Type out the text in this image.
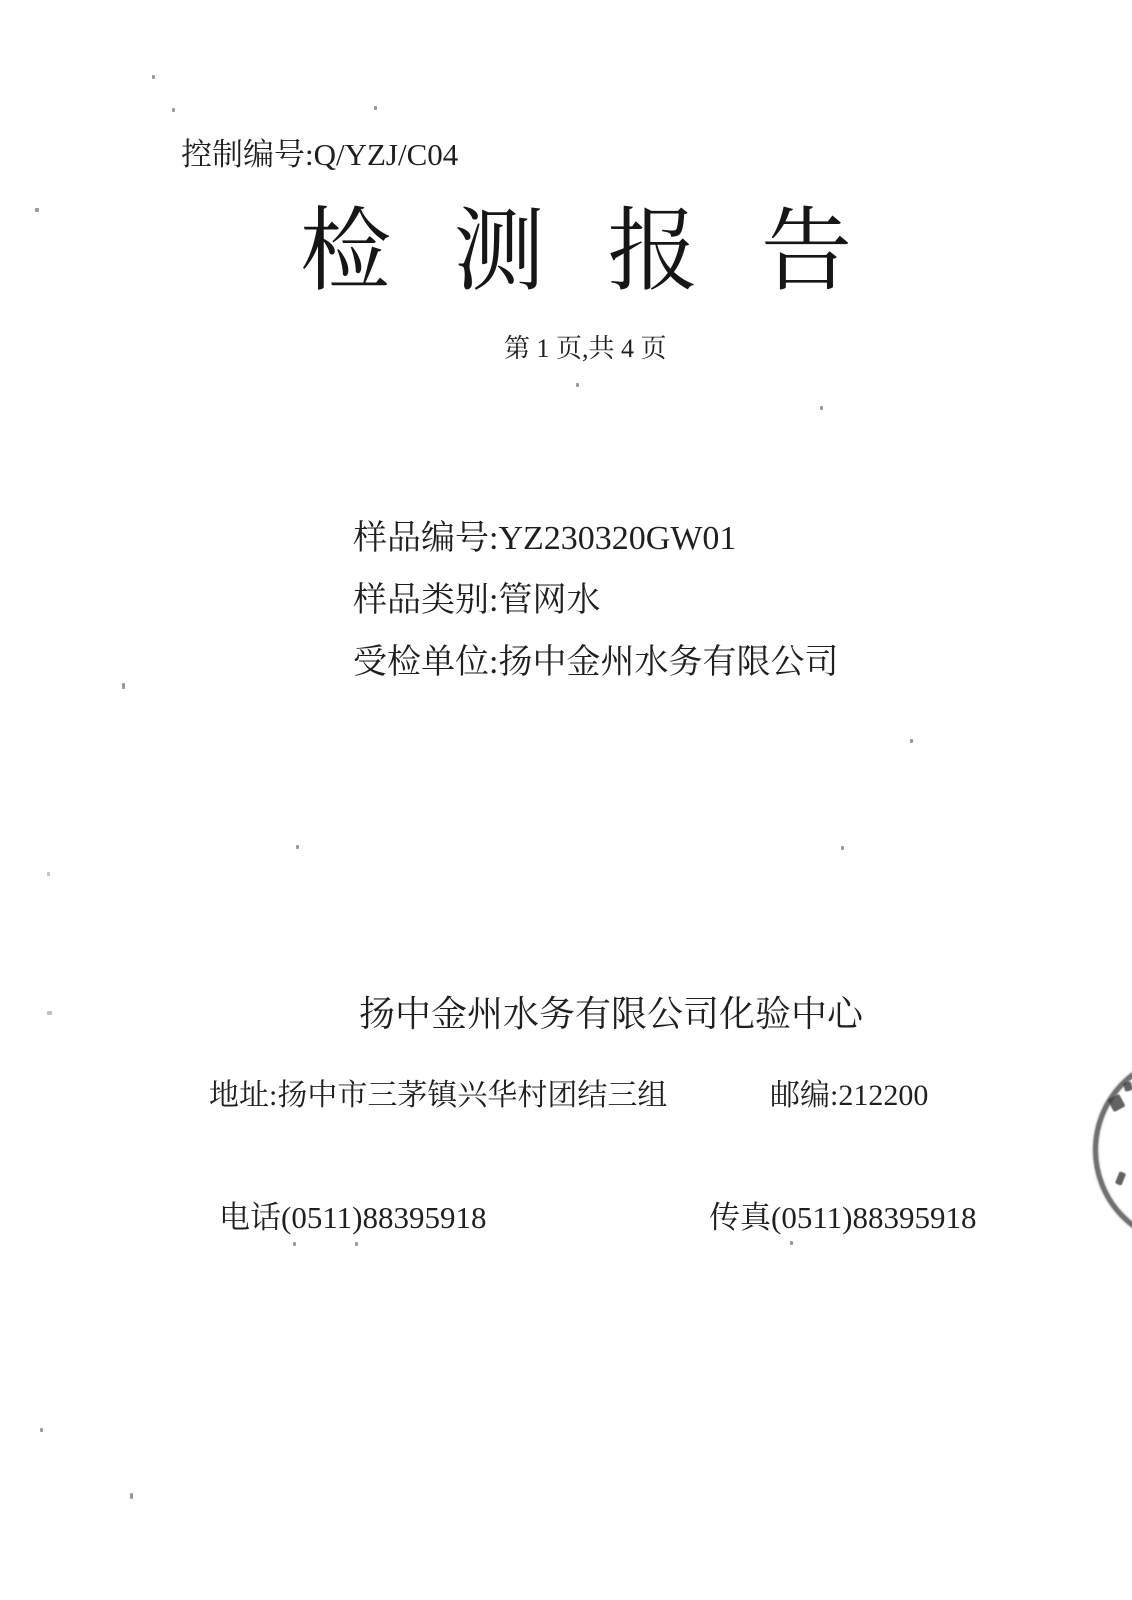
控制编号:Q/YZJ/C04
检 测 报 告
第 1 页,共 4 页
样品编号:YZ230320GW01
样品类别:管网水
受检单位:扬中金州水务有限公司
扬中金州水务有限公司化验中心
地址:扬中市三茅镇兴华村团结三组	邮编:212200
电话(0511)88395918	传真(0511)88395918
